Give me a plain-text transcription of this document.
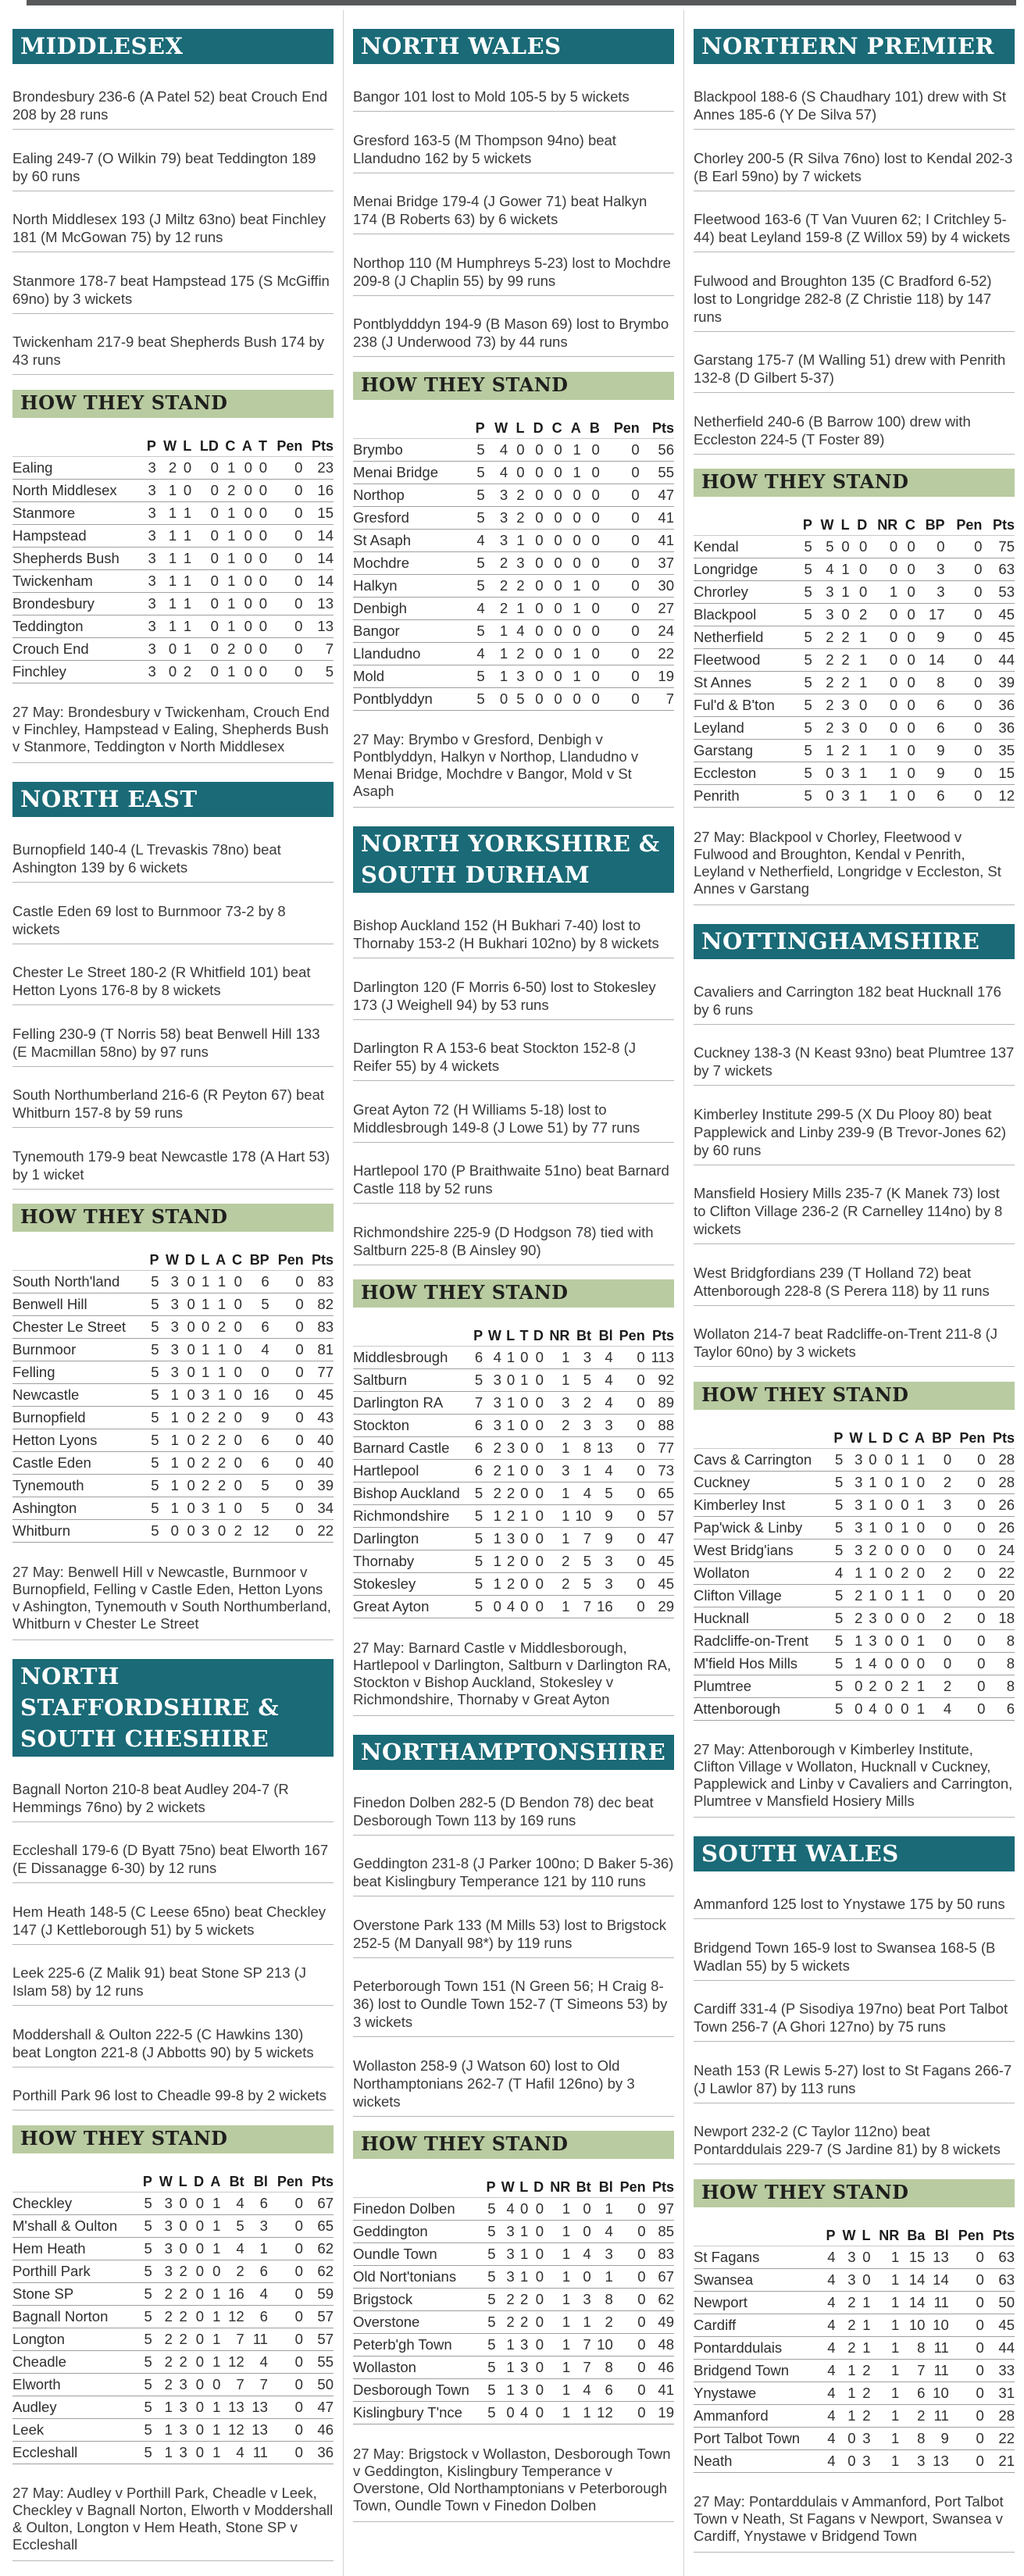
MIDDLESEX

Brondesbury 236-6 (A Patel 52) beat Crouch End 208 by 28 runs

Ealing 249-7 (O Wilkin 79) beat Teddington 189 by 60 runs

North Middlesex 193 (J Miltz 63no) beat Finchley 181 (M McGowan 75) by 12 runs

Stanmore 178-7 beat Hampstead 175 (S McGiffin 69no) by 3 wickets

Twickenham 217-9 beat Shepherds Bush 174 by 43 runs

HOW THEY STAND
	P	W	L	LD	C	A	T	Pen	Pts
Ealing	3	2	0	0	1	0	0	0	23
North Middlesex	3	1	0	0	2	0	0	0	16
Stanmore	3	1	1	0	1	0	0	0	15
Hampstead	3	1	1	0	1	0	0	0	14
Shepherds Bush	3	1	1	0	1	0	0	0	14
Twickenham	3	1	1	0	1	0	0	0	14
Brondesbury	3	1	1	0	1	0	0	0	13
Teddington	3	1	1	0	1	0	0	0	13
Crouch End	3	0	1	0	2	0	0	0	7
Finchley	3	0	2	0	1	0	0	0	5

27 May: Brondesbury v Twickenham, Crouch End v Finchley, Hampstead v Ealing, Shepherds Bush v Stanmore, Teddington v North Middlesex

NORTH EAST

Burnopfield 140-4 (L Trevaskis 78no) beat Ashington 139 by 6 wickets

Castle Eden 69 lost to Burnmoor 73-2 by 8 wickets

Chester Le Street 180-2 (R Whitfield 101) beat Hetton Lyons 176-8 by 8 wickets

Felling 230-9 (T Norris 58) beat Benwell Hill 133 (E Macmillan 58no) by 97 runs

South Northumberland 216-6 (R Peyton 67) beat Whitburn 157-8 by 59 runs

Tynemouth 179-9 beat Newcastle 178 (A Hart 53) by 1 wicket

HOW THEY STAND
	P	W	D	L	A	C	BP	Pen	Pts
South North'land	5	3	0	1	1	0	6	0	83
Benwell Hill	5	3	0	1	1	0	5	0	82
Chester Le Street	5	3	0	0	2	0	6	0	83
Burnmoor	5	3	0	1	1	0	4	0	81
Felling	5	3	0	1	1	0	0	0	77
Newcastle	5	1	0	3	1	0	16	0	45
Burnopfield	5	1	0	2	2	0	9	0	43
Hetton Lyons	5	1	0	2	2	0	6	0	40
Castle Eden	5	1	0	2	2	0	6	0	40
Tynemouth	5	1	0	2	2	0	5	0	39
Ashington	5	1	0	3	1	0	5	0	34
Whitburn	5	0	0	3	0	2	12	0	22

27 May: Benwell Hill v Newcastle, Burnmoor v Burnopfield, Felling v Castle Eden, Hetton Lyons v Ashington, Tynemouth v South Northumberland, Whitburn v Chester Le Street

NORTH STAFFORDSHIRE & SOUTH CHESHIRE

Bagnall Norton 210-8 beat Audley 204-7 (R Hemmings 76no) by 2 wickets

Eccleshall 179-6 (D Byatt 75no) beat Elworth 167 (E Dissanagge 6-30) by 12 runs

Hem Heath 148-5 (C Leese 65no) beat Checkley 147 (J Kettleborough 51) by 5 wickets

Leek 225-6 (Z Malik 91) beat Stone SP 213 (J Islam 58) by 12 runs

Moddershall & Oulton 222-5 (C Hawkins 130) beat Longton 221-8 (J Abbotts 90) by 5 wickets

Porthill Park 96 lost to Cheadle 99-8 by 2 wickets

HOW THEY STAND
	P	W	L	D	A	Bt	Bl	Pen	Pts
Checkley	5	3	0	0	1	4	6	0	67
M'shall & Oulton	5	3	0	0	1	5	3	0	65
Hem Heath	5	3	0	0	1	4	1	0	62
Porthill Park	5	3	2	0	0	2	6	0	62
Stone SP	5	2	2	0	1	16	4	0	59
Bagnall Norton	5	2	2	0	1	12	6	0	57
Longton	5	2	2	0	1	7	11	0	57
Cheadle	5	2	2	0	1	12	4	0	55
Elworth	5	2	3	0	0	7	7	0	50
Audley	5	1	3	0	1	13	13	0	47
Leek	5	1	3	0	1	12	13	0	46
Eccleshall	5	1	3	0	1	4	11	0	36

27 May: Audley v Porthill Park, Cheadle v Leek, Checkley v Bagnall Norton, Elworth v Moddershall & Oulton, Longton v Hem Heath, Stone SP v Eccleshall

NORTH WALES

Bangor 101 lost to Mold 105-5 by 5 wickets

Gresford 163-5 (M Thompson 94no) beat Llandudno 162 by 5 wickets

Menai Bridge 179-4 (J Gower 71) beat Halkyn 174 (B Roberts 63) by 6 wickets

Northop 110 (M Humphreys 5-23) lost to Mochdre 209-8 (J Chaplin 55) by 99 runs

Pontblydddyn 194-9 (B Mason 69) lost to Brymbo 238 (J Underwood 73) by 44 runs

HOW THEY STAND
	P	W	L	D	C	A	B	Pen	Pts
Brymbo	5	4	0	0	0	1	0	0	56
Menai Bridge	5	4	0	0	0	1	0	0	55
Northop	5	3	2	0	0	0	0	0	47
Gresford	5	3	2	0	0	0	0	0	41
St Asaph	4	3	1	0	0	0	0	0	41
Mochdre	5	2	3	0	0	0	0	0	37
Halkyn	5	2	2	0	0	1	0	0	30
Denbigh	4	2	1	0	0	1	0	0	27
Bangor	5	1	4	0	0	0	0	0	24
Llandudno	4	1	2	0	0	1	0	0	22
Mold	5	1	3	0	0	1	0	0	19
Pontblyddyn	5	0	5	0	0	0	0	0	7

27 May: Brymbo v Gresford, Denbigh v Pontblyddyn, Halkyn v Northop, Llandudno v Menai Bridge, Mochdre v Bangor, Mold v St Asaph

NORTH YORKSHIRE & SOUTH DURHAM

Bishop Auckland 152 (H Bukhari 7-40) lost to Thornaby 153-2 (H Bukhari 102no) by 8 wickets

Darlington 120 (F Morris 6-50) lost to Stokesley 173 (J Weighell 94) by 53 runs

Darlington R A 153-6 beat Stockton 152-8 (J Reifer 55) by 4 wickets

Great Ayton 72 (H Williams 5-18) lost to Middlesbrough 149-8 (J Lowe 51) by 77 runs

Hartlepool 170 (P Braithwaite 51no) beat Barnard Castle 118 by 52 runs

Richmondshire 225-9 (D Hodgson 78) tied with Saltburn 225-8 (B Ainsley 90)

HOW THEY STAND
	P	W	L	T	D	NR	Bt	Bl	Pen	Pts
Middlesbrough	6	4	1	0	0	1	3	4	0	113
Saltburn	5	3	0	1	0	1	5	4	0	92
Darlington RA	7	3	1	0	0	3	2	4	0	89
Stockton	6	3	1	0	0	2	3	3	0	88
Barnard Castle	6	2	3	0	0	1	8	13	0	77
Hartlepool	6	2	1	0	0	3	1	4	0	73
Bishop Auckland	5	2	2	0	0	1	4	5	0	65
Richmondshire	5	1	2	1	0	1	10	9	0	57
Darlington	5	1	3	0	0	1	7	9	0	47
Thornaby	5	1	2	0	0	2	5	3	0	45
Stokesley	5	1	2	0	0	2	5	3	0	45
Great Ayton	5	0	4	0	0	1	7	16	0	29

27 May: Barnard Castle v Middlesborough, Hartlepool v Darlington, Saltburn v Darlington RA, Stockton v Bishop Auckland, Stokesley v Richmondshire, Thornaby v Great Ayton

NORTHAMPTONSHIRE

Finedon Dolben 282-5 (D Bendon 78) dec beat Desborough Town 113 by 169 runs

Geddington 231-8 (J Parker 100no; D Baker 5-36) beat Kislingbury Temperance 121 by 110 runs

Overstone Park 133 (M Mills 53) lost to Brigstock 252-5 (M Danyall 98*) by 119 runs

Peterborough Town 151 (N Green 56; H Craig 8-36) lost to Oundle Town 152-7 (T Simeons 53) by 3 wickets

Wollaston 258-9 (J Watson 60) lost to Old Northamptonians 262-7 (T Hafil 126no) by 3 wickets

HOW THEY STAND
	P	W	L	D	NR	Bt	Bl	Pen	Pts
Finedon Dolben	5	4	0	0	1	0	1	0	97
Geddington	5	3	1	0	1	0	4	0	85
Oundle Town	5	3	1	0	1	4	3	0	83
Old Nort'tonians	5	3	1	0	1	0	1	0	67
Brigstock	5	2	2	0	1	3	8	0	62
Overstone	5	2	2	0	1	1	2	0	49
Peterb'gh Town	5	1	3	0	1	7	10	0	48
Wollaston	5	1	3	0	1	7	8	0	46
Desborough Town	5	1	3	0	1	4	6	0	41
Kislingbury T'nce	5	0	4	0	1	1	12	0	19

27 May: Brigstock v Wollaston, Desborough Town v Geddington, Kislingbury Temperance v Overstone, Old Northamptonians v Peterborough Town, Oundle Town v Finedon Dolben

NORTHERN PREMIER

Blackpool 188-6 (S Chaudhary 101) drew with St Annes 185-6 (Y De Silva 57)

Chorley 200-5 (R Silva 76no) lost to Kendal 202-3 (B Earl 59no) by 7 wickets

Fleetwood 163-6 (T Van Vuuren 62; I Critchley 5-44) beat Leyland 159-8 (Z Willox 59) by 4 wickets

Fulwood and Broughton 135 (C Bradford 6-52) lost to Longridge 282-8 (Z Christie 118) by 147 runs

Garstang 175-7 (M Walling 51) drew with Penrith 132-8 (D Gilbert 5-37)

Netherfield 240-6 (B Barrow 100) drew with Eccleston 224-5 (T Foster 89)

HOW THEY STAND
	P	W	L	D	NR	C	BP	Pen	Pts
Kendal	5	5	0	0	0	0	0	0	75
Longridge	5	4	1	0	0	0	3	0	63
Chrorley	5	3	1	0	1	0	3	0	53
Blackpool	5	3	0	2	0	0	17	0	45
Netherfield	5	2	2	1	0	0	9	0	45
Fleetwood	5	2	2	1	0	0	14	0	44
St Annes	5	2	2	1	0	0	8	0	39
Ful'd & B'ton	5	2	3	0	0	0	6	0	36
Leyland	5	2	3	0	0	0	6	0	36
Garstang	5	1	2	1	1	0	9	0	35
Eccleston	5	0	3	1	1	0	9	0	15
Penrith	5	0	3	1	1	0	6	0	12

27 May: Blackpool v Chorley, Fleetwood v Fulwood and Broughton, Kendal v Penrith, Leyland v Netherfield, Longridge v Eccleston, St Annes v Garstang

NOTTINGHAMSHIRE

Cavaliers and Carrington 182 beat Hucknall 176 by 6 runs

Cuckney 138-3 (N Keast 93no) beat Plumtree 137 by 7 wickets

Kimberley Institute 299-5 (X Du Plooy 80) beat Papplewick and Linby 239-9 (B Trevor-Jones 62) by 60 runs

Mansfield Hosiery Mills 235-7 (K Manek 73) lost to Clifton Village 236-2 (R Carnelley 114no) by 8 wickets

West Bridgfordians 239 (T Holland 72) beat Attenborough 228-8 (S Perera 118) by 11 runs

Wollaton 214-7 beat Radcliffe-on-Trent 211-8 (J Taylor 60no) by 3 wickets

HOW THEY STAND
	P	W	L	D	C	A	BP	Pen	Pts
Cavs & Carrington	5	3	0	0	1	1	0	0	28
Cuckney	5	3	1	0	1	0	2	0	28
Kimberley Inst	5	3	1	0	0	1	3	0	26
Pap'wick & Linby	5	3	1	0	1	0	0	0	26
West Bridg'ians	5	3	2	0	0	0	0	0	24
Wollaton	4	1	1	0	2	0	2	0	22
Clifton Village	5	2	1	0	1	1	0	0	20
Hucknall	5	2	3	0	0	0	2	0	18
Radcliffe-on-Trent	5	1	3	0	0	1	0	0	8
M'field Hos Mills	5	1	4	0	0	0	0	0	8
Plumtree	5	0	2	0	2	1	2	0	8
Attenborough	5	0	4	0	0	1	4	0	6

27 May: Attenborough v Kimberley Institute, Clifton Village v Wollaton, Hucknall v Cuckney, Papplewick and Linby v Cavaliers and Carrington, Plumtree v Mansfield Hosiery Mills

SOUTH WALES

Ammanford 125 lost to Ynystawe 175 by 50 runs

Bridgend Town 165-9 lost to Swansea 168-5 (B Wadlan 55) by 5 wickets

Cardiff 331-4 (P Sisodiya 197no) beat Port Talbot Town 256-7 (A Ghori 127no) by 75 runs

Neath 153 (R Lewis 5-27) lost to St Fagans 266-7 (J Lawlor 87) by 113 runs

Newport 232-2 (C Taylor 112no) beat Pontarddulais 229-7 (S Jardine 81) by 8 wickets

HOW THEY STAND
	P	W	L	NR	Ba	Bl	Pen	Pts
St Fagans	4	3	0	1	15	13	0	63
Swansea	4	3	0	1	14	14	0	63
Newport	4	2	1	1	14	11	0	50
Cardiff	4	2	1	1	10	10	0	45
Pontarddulais	4	2	1	1	8	11	0	44
Bridgend Town	4	1	2	1	7	11	0	33
Ynystawe	4	1	2	1	6	10	0	31
Ammanford	4	1	2	1	2	11	0	28
Port Talbot Town	4	0	3	1	8	9	0	22
Neath	4	0	3	1	3	13	0	21

27 May: Pontarddulais v Ammanford, Port Talbot Town v Neath, St Fagans v Newport, Swansea v Cardiff, Ynystawe v Bridgend Town
